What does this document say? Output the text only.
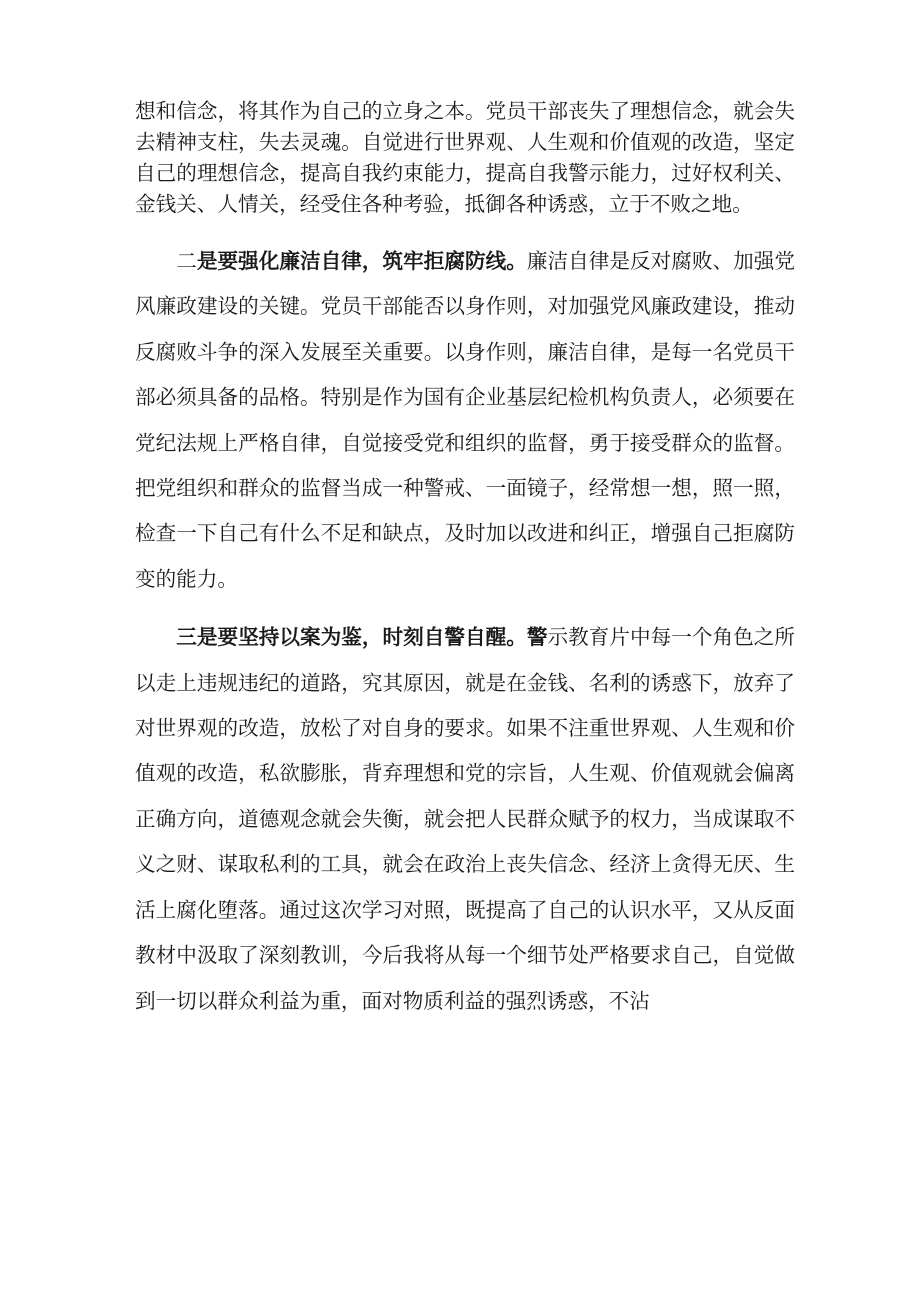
想和信念，将其作为自己的立身之本。党员干部丧失了理想信念，就会失去精神支柱，失去灵魂。自觉进行世界观、人生观和价值观的改造，坚定自己的理想信念，提高自我约束能力，提高自我警示能力，过好权利关、金钱关、人情关，经受住各种考验，抵御各种诱惑，立于不败之地。

二是要强化廉洁自律，筑牢拒腐防线。廉洁自律是反对腐败、加强党风廉政建设的关键。党员干部能否以身作则，对加强党风廉政建设，推动反腐败斗争的深入发展至关重要。以身作则，廉洁自律，是每一名党员干部必须具备的品格。特别是作为国有企业基层纪检机构负责人，必须要在党纪法规上严格自律，自觉接受党和组织的监督，勇于接受群众的监督。把党组织和群众的监督当成一种警戒、一面镜子，经常想一想，照一照，检查一下自己有什么不足和缺点，及时加以改进和纠正，增强自己拒腐防变的能力。

三是要坚持以案为鉴，时刻自警自醒。警示教育片中每一个角色之所以走上违规违纪的道路，究其原因，就是在金钱、名利的诱惑下，放弃了对世界观的改造，放松了对自身的要求。如果不注重世界观、人生观和价值观的改造，私欲膨胀，背弃理想和党的宗旨，人生观、价值观就会偏离正确方向，道德观念就会失衡，就会把人民群众赋予的权力，当成谋取不义之财、谋取私利的工具，就会在政治上丧失信念、经济上贪得无厌、生活上腐化堕落。通过这次学习对照，既提高了自己的认识水平，又从反面教材中汲取了深刻教训，今后我将从每一个细节处严格要求自己，自觉做到一切以群众利益为重，面对物质利益的强烈诱惑，不沾
